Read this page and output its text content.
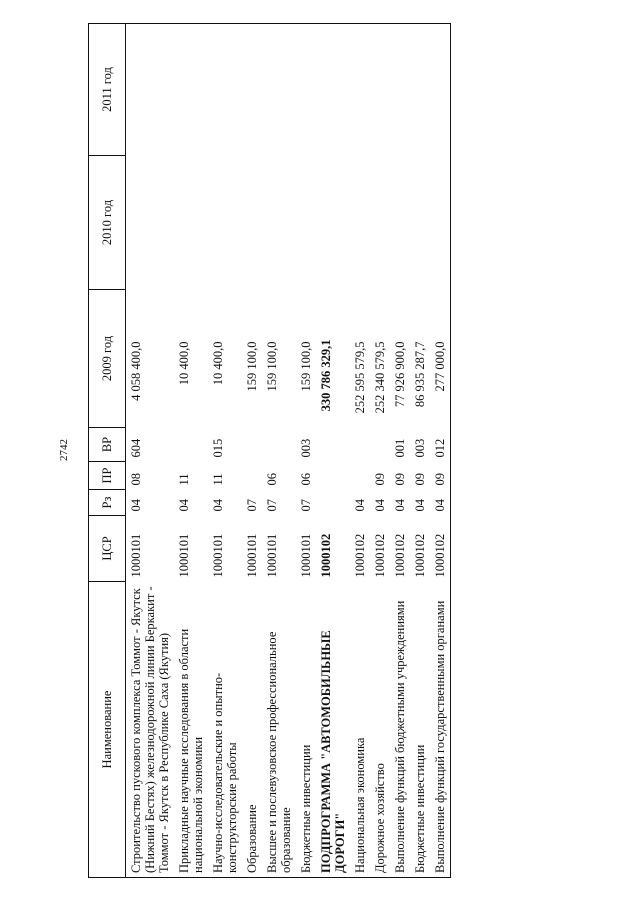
2742
Наименование	ЦСР	Рз	ПР	ВР	2009 год	2010 год	2011 год
Строительство пускового комплекса Томмот - Якутск (Нижний Бестях) железнодорожной линии Беркакит - Томмот - Якутск в Республике Саха (Якутия)	1000101	04	08	604	4 058 400,0		
Прикладные научные исследования в области национальной экономики	1000101	04	11		10 400,0		
Научно-исследовательские и опытно-конструкторские работы	1000101	04	11	015	10 400,0		
Образование	1000101	07			159 100,0		
Высшее и послевузовское профессиональное образование	1000101	07	06		159 100,0		
Бюджетные инвестиции	1000101	07	06	003	159 100,0		
ПОДПРОГРАММА "АВТОМОБИЛЬНЫЕ ДОРОГИ"	1000102				330 786 329,1		
Национальная экономика	1000102	04			252 595 579,5		
Дорожное хозяйство	1000102	04	09		252 340 579,5		
Выполнение функций бюджетными учреждениями	1000102	04	09	001	77 926 900,0		
Бюджетные инвестиции	1000102	04	09	003	86 935 287,7		
Выполнение функций государственными органами	1000102	04	09	012	277 000,0		
